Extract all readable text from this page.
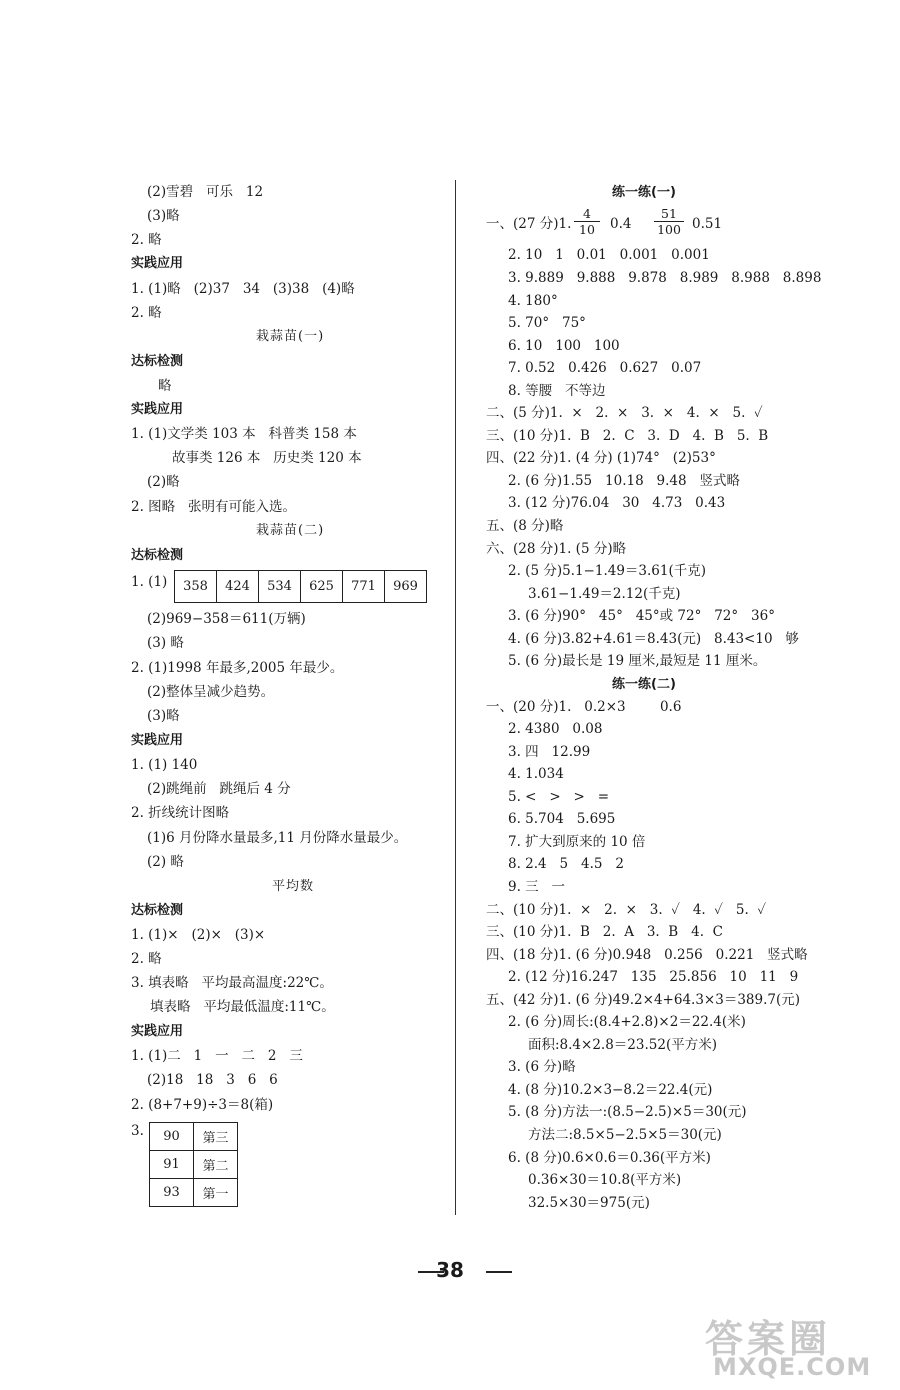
(2)雪碧   可乐   12
(3)略
2. 略
实践应用
1. (1)略   (2)37   34   (3)38   (4)略
2. 略
栽蒜苗(一)
达标检测
略
实践应用
1. (1)文学类 103 本   科普类 158 本
故事类 126 本   历史类 120 本
(2)略
2. 图略   张明有可能入选。
栽蒜苗(二)
达标检测
1. (1) 358	424	534	625	771	969
(2)969−358＝611(万辆)
(3) 略
2. (1)1998 年最多,2005 年最少。
(2)整体呈减少趋势。
(3)略
实践应用
1. (1) 140
(2)跳绳前   跳绳后 4 分
2. 折线统计图略
(1)6 月份降水量最多,11 月份降水量最少。
(2) 略
平均数
达标检测
1. (1)×   (2)×   (3)×
2. 略
3. 填表略   平均最高温度:22℃。
填表略   平均最低温度:11℃。
实践应用
1. (1)二   1   一   二   2   三
(2)18   18   3   6   6
2. (8+7+9)÷3＝8(箱)
3. 90	第三
91	第二
93	第一
练一练(一)
一、(27 分)1. $\frac{4}{10} 0.4 \frac{51}{100} 0.51$
2. 10   1   0.01   0.001   0.001
3. 9.889   9.888   9.878   8.989   8.988   8.898
4. 180°
5. 70°   75°
6. 10   100   100
7. 0.52   0.426   0.627   0.07
8. 等腰   不等边
二、(5 分)1.  ×   2.  ×   3.  ×   4.  ×   5.  ✓
三、(10 分)1.  B   2.  C   3.  D   4.  B   5.  B
四、(22 分)1. (4 分) (1)74°   (2)53°
2. (6 分)1.55   10.18   9.48   竖式略
3. (12 分)76.04   30   4.73   0.43
五、(8 分)略
六、(28 分)1. (5 分)略
2. (5 分)5.1−1.49＝3.61(千克)
3.61−1.49＝2.12(千克)
3. (6 分)90°   45°   45°或 72°   72°   36°
4. (6 分)3.82+4.61＝8.43(元)   8.43<10   够
5. (6 分)最长是 19 厘米,最短是 11 厘米。
练一练(二)
一、(20 分)1.   0.2×3        0.6
2. 4380   0.08
3. 四   12.99
4. 1.034
5. <   >   >   =
6. 5.704   5.695
7. 扩大到原来的 10 倍
8. 2.4   5   4.5   2
9. 三   一
二、(10 分)1.  ×   2.  ×   3.  ✓   4.  ✓   5.  ✓
三、(10 分)1.  B   2.  A   3.  B   4.  C
四、(18 分)1. (6 分)0.948   0.256   0.221   竖式略
2. (12 分)16.247   135   25.856   10   11   9
五、(42 分)1. (6 分)49.2×4+64.3×3＝389.7(元)
2. (6 分)周长:(8.4+2.8)×2＝22.4(米)
面积:8.4×2.8＝23.52(平方米)
3. (6 分)略
4. (8 分)10.2×3−8.2＝22.4(元)
5. (8 分)方法一:(8.5−2.5)×5＝30(元)
方法二:8.5×5−2.5×5＝30(元)
6. (8 分)0.6×0.6＝0.36(平方米)
0.36×30＝10.8(平方米)
32.5×30＝975(元)
38
答案圈
MXQE.COM
